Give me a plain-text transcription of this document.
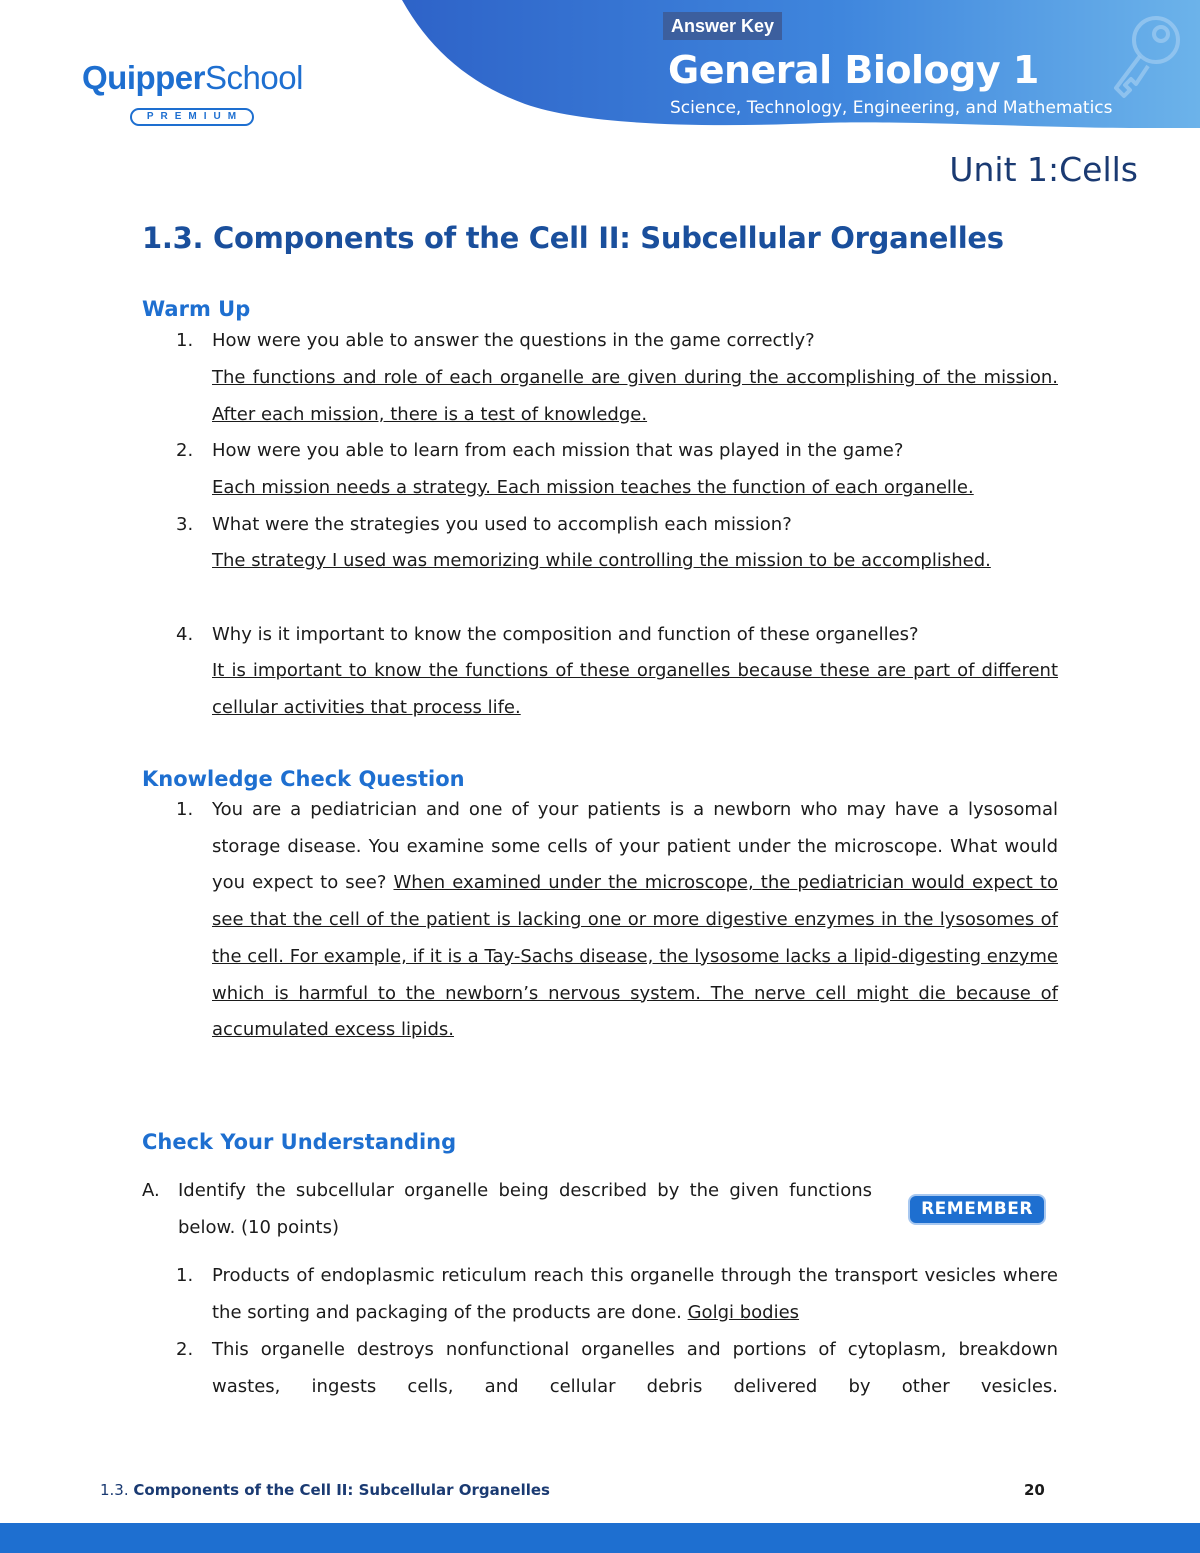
QuipperSchool
PREMIUM
Answer Key
General Biology 1
Science, Technology, Engineering, and Mathematics
Unit 1:Cells
1.3. Components of the Cell II: Subcellular Organelles
Warm Up
1. How were you able to answer the questions in the game correctly?
The functions and role of each organelle are given during the accomplishing of the mission. After each mission, there is a test of knowledge.
2. How were you able to learn from each mission that was played in the game?
Each mission needs a strategy. Each mission teaches the function of each organelle.
3. What were the strategies you used to accomplish each mission?
The strategy I used was memorizing while controlling the mission to be accomplished.
4. Why is it important to know the composition and function of these organelles?
It is important to know the functions of these organelles because these are part of different cellular activities that process life.
Knowledge Check Question
1. You are a pediatrician and one of your patients is a newborn who may have a lysosomal storage disease. You examine some cells of your patient under the microscope. What would you expect to see? When examined under the microscope, the pediatrician would expect to see that the cell of the patient is lacking one or more digestive enzymes in the lysosomes of the cell. For example, if it is a Tay-Sachs disease, the lysosome lacks a lipid-digesting enzyme which is harmful to the newborn’s nervous system. The nerve cell might die because of accumulated excess lipids.
Check Your Understanding
A. Identify the subcellular organelle being described by the given functions below. (10 points)
REMEMBER
1. Products of endoplasmic reticulum reach this organelle through the transport vesicles where the sorting and packaging of the products are done. Golgi bodies
2. This organelle destroys nonfunctional organelles and portions of cytoplasm, breakdown wastes, ingests cells, and cellular debris delivered by other vesicles.
1.3. Components of the Cell II: Subcellular Organelles	20
